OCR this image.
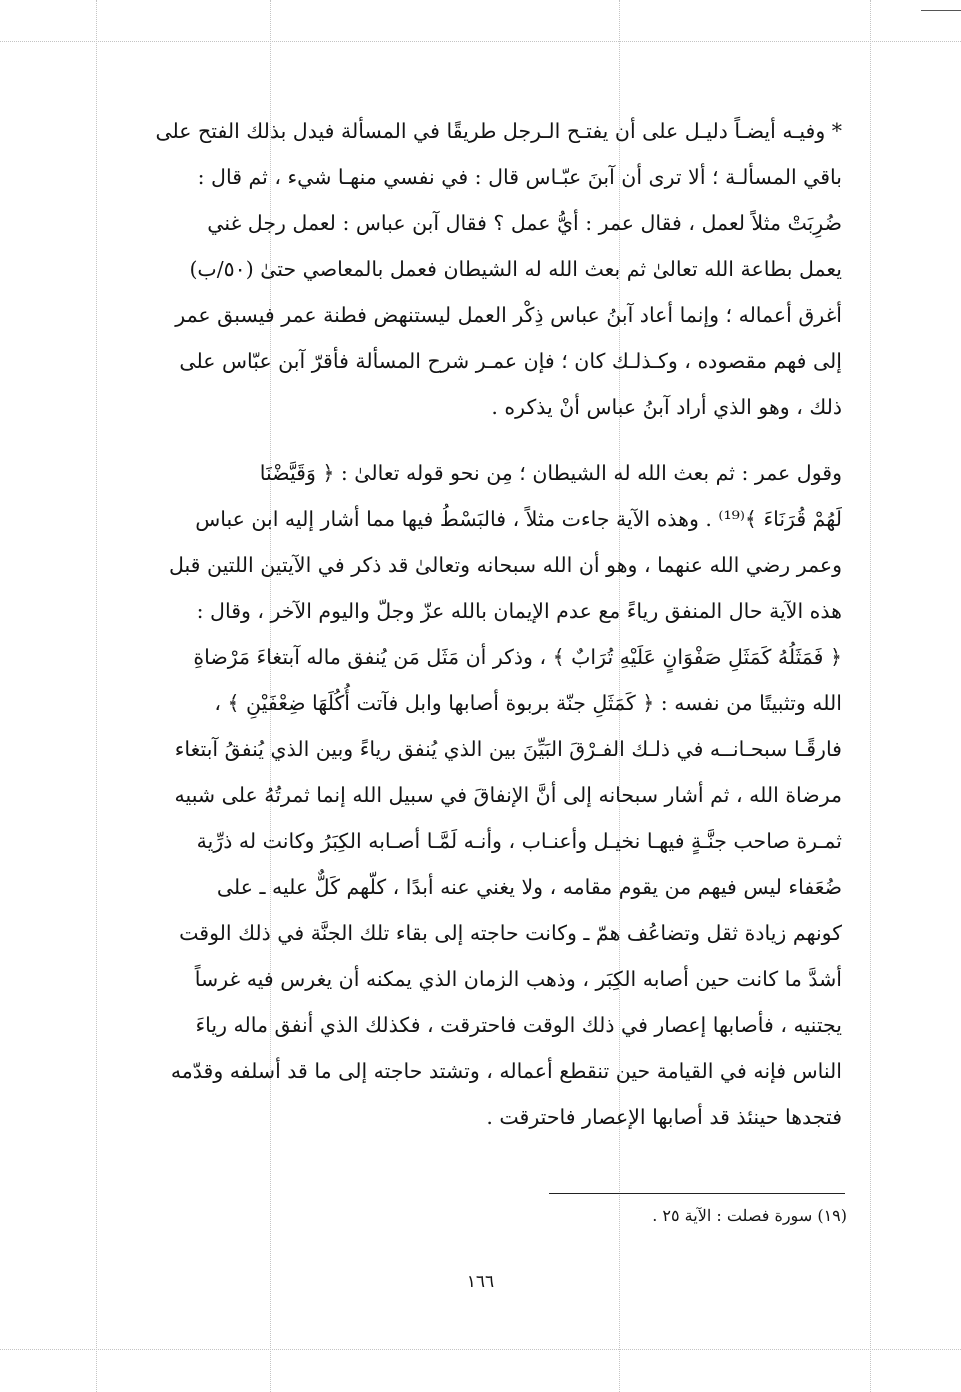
* وفيـه أيضـاً دليـل على أن يفتـح الـرجل طريقًا في المسألة فيدل بذلك الفتح على
باقي المسألـة ؛ ألا ترى أن آبنَ عبّـاس قال : في نفسي منهـا شيء ، ثم قال :
ضُرِبَتْ مثلاً لعمل ، فقال عمر : أيُّ عمل ؟ فقال آبن عباس : لعمل رجل غني
يعمل بطاعة الله تعالىٰ ثم بعث الله له الشيطان فعمل بالمعاصي حتىٰ (٥٠/ب)
أغرق أعماله ؛ وإنما أعاد آبنُ عباس ذِكْر العمل ليستنهض فطنة عمر فيسبق عمر
إلى فهم مقصوده ، وكـذلـك كان ؛ فإن عمـر شرح المسألة فأقرّ آبن عبّاس على
ذلك ، وهو الذي أراد آبنُ عباس أنْ يذكره .
وقول عمر : ثم بعث الله له الشيطان ؛ مِن نحو قوله تعالىٰ : ﴿ وَقَيَّضْنَا
لَهُمْ قُرَنَاءَ ﴾⁽¹⁹⁾ . وهذه الآية جاءت مثلاً ، فالبَسْطُ فيها مما أشار إليه ابن عباس
وعمر رضي الله عنهما ، وهو أن الله سبحانه وتعالىٰ قد ذكر في الآيتين اللتين قبل
هذه الآية حال المنفق رياءً مع عدم الإيمان بالله عزّ وجلّ واليوم الآخر ، وقال :
﴿ فَمَثَلُهُ كَمَثَلِ صَفْوَانٍ عَلَيْهِ تُرَابٌ ﴾ ، وذكر أن مَثَل مَن يُنفق ماله آبتغاءَ مَرْضاةِ
الله وتثبيتًا من نفسه : ﴿ كَمَثَلِ جنّة بربوة أصابها وابل فآتت أُكُلَهَا ضِعْفَيْنِ ﴾ ،
فارقًـا سبحـانــه في ذلـك الفـرْقَ البَيِّنَ بين الذي يُنفق رياءً وبين الذي يُنفقُ آبتغاء
مرضاة الله ، ثم أشار سبحانه إلى أنَّ الإنفاقَ في سبيل الله إنما ثمرتُهُ على شبيه
ثمـرة صاحب جنَّـةٍ فيهـا نخيـل وأعنـاب ، وأنـه لَمَّـا أصـابه الكِبَرُ وكانت له ذرِّية
ضُعَفاء ليس فيهم من يقوم مقامه ، ولا يغني عنه أبدًا ، كلّهم كَلٌّ عليه ـ على
كونهم زيادة ثقل وتضاعُف همّ ـ وكانت حاجته إلى بقاء تلك الجنَّة في ذلك الوقت
أشدَّ ما كانت حين أصابه الكِبَر ، وذهب الزمان الذي يمكنه أن يغرس فيه غرساً
يجتنيه ، فأصابها إعصار في ذلك الوقت فاحترقت ، فكذلك الذي أنفق ماله رياءَ
الناس فإنه في القيامة حين تنقطع أعماله ، وتشتد حاجته إلى ما قد أسلفه وقدّمه
فتجدها حينئذ قد أصابها الإعصار فاحترقت .
(١٩) سورة فصلت : الآية ٢٥ .
١٦٦
